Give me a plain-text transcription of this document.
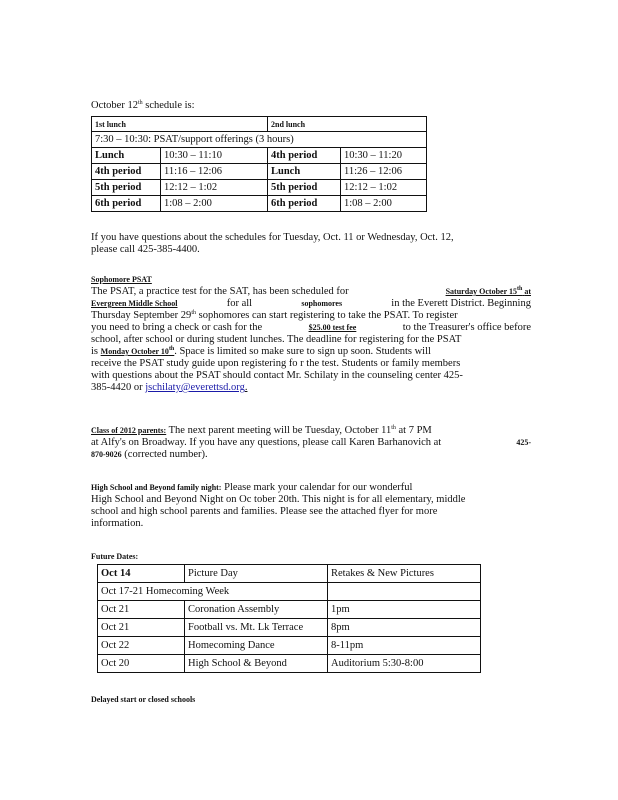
October 12th schedule is:
1st lunch		2nd lunch	
7:30 – 10:30: PSAT/support offerings (3 hours)			
Lunch	10:30 – 11:10	4th period	10:30 – 11:20
4th period	11:16 – 12:06	Lunch	11:26 – 12:06
5th period	12:12 – 1:02	5th period	12:12 – 1:02
6th period	1:08 – 2:00	6th period	1:08 – 2:00
If you have questions about the schedules for Tuesday, Oct. 11 or Wednesday, Oct. 12,
please call 425-385-4400.
Sophomore PSAT
The PSAT, a practice test for the SAT, has been scheduled for	Saturday October 15th at
Evergreen Middle School	for all	sophomores	in the Everett District. Beginning
Thursday September 29th sophomores can start registering to take the PSAT. To register
you need to bring a check or cash for the	$25.00 test fee	to the Treasurer's office before
school, after school or during student lunches. The deadline for registering for the PSAT
is Monday October 10th. Space is limited so make sure to sign up soon. Students will
receive the PSAT study guide upon registering fo r the test. Students or family members
with questions about the PSAT should contact Mr. Schilaty in the counseling center 425-
385-4420 or jschilaty@everettsd.org.
Class of 2012 parents: The next parent meeting will be Tuesday, October 11th at 7 PM
at Alfy's on Broadway. If you have any questions, please call Karen Barhanovich at	425-
870-9026 (corrected number).
High School and Beyond family night: Please mark your calendar for our wonderful
High School and Beyond Night on Oc tober 20th. This night is for all elementary, middle
school and high school parents and families. Please see the attached flyer for more
information.
Future Dates:
Oct 14	Picture Day	Retakes & New Pictures
Oct 17-21 Homecoming Week		
Oct 21	Coronation Assembly	1pm
Oct 21	Football vs. Mt. Lk Terrace	8pm
Oct 22	Homecoming Dance	8-11pm
Oct 20	High School & Beyond	Auditorium 5:30-8:00
Delayed start or closed schools
